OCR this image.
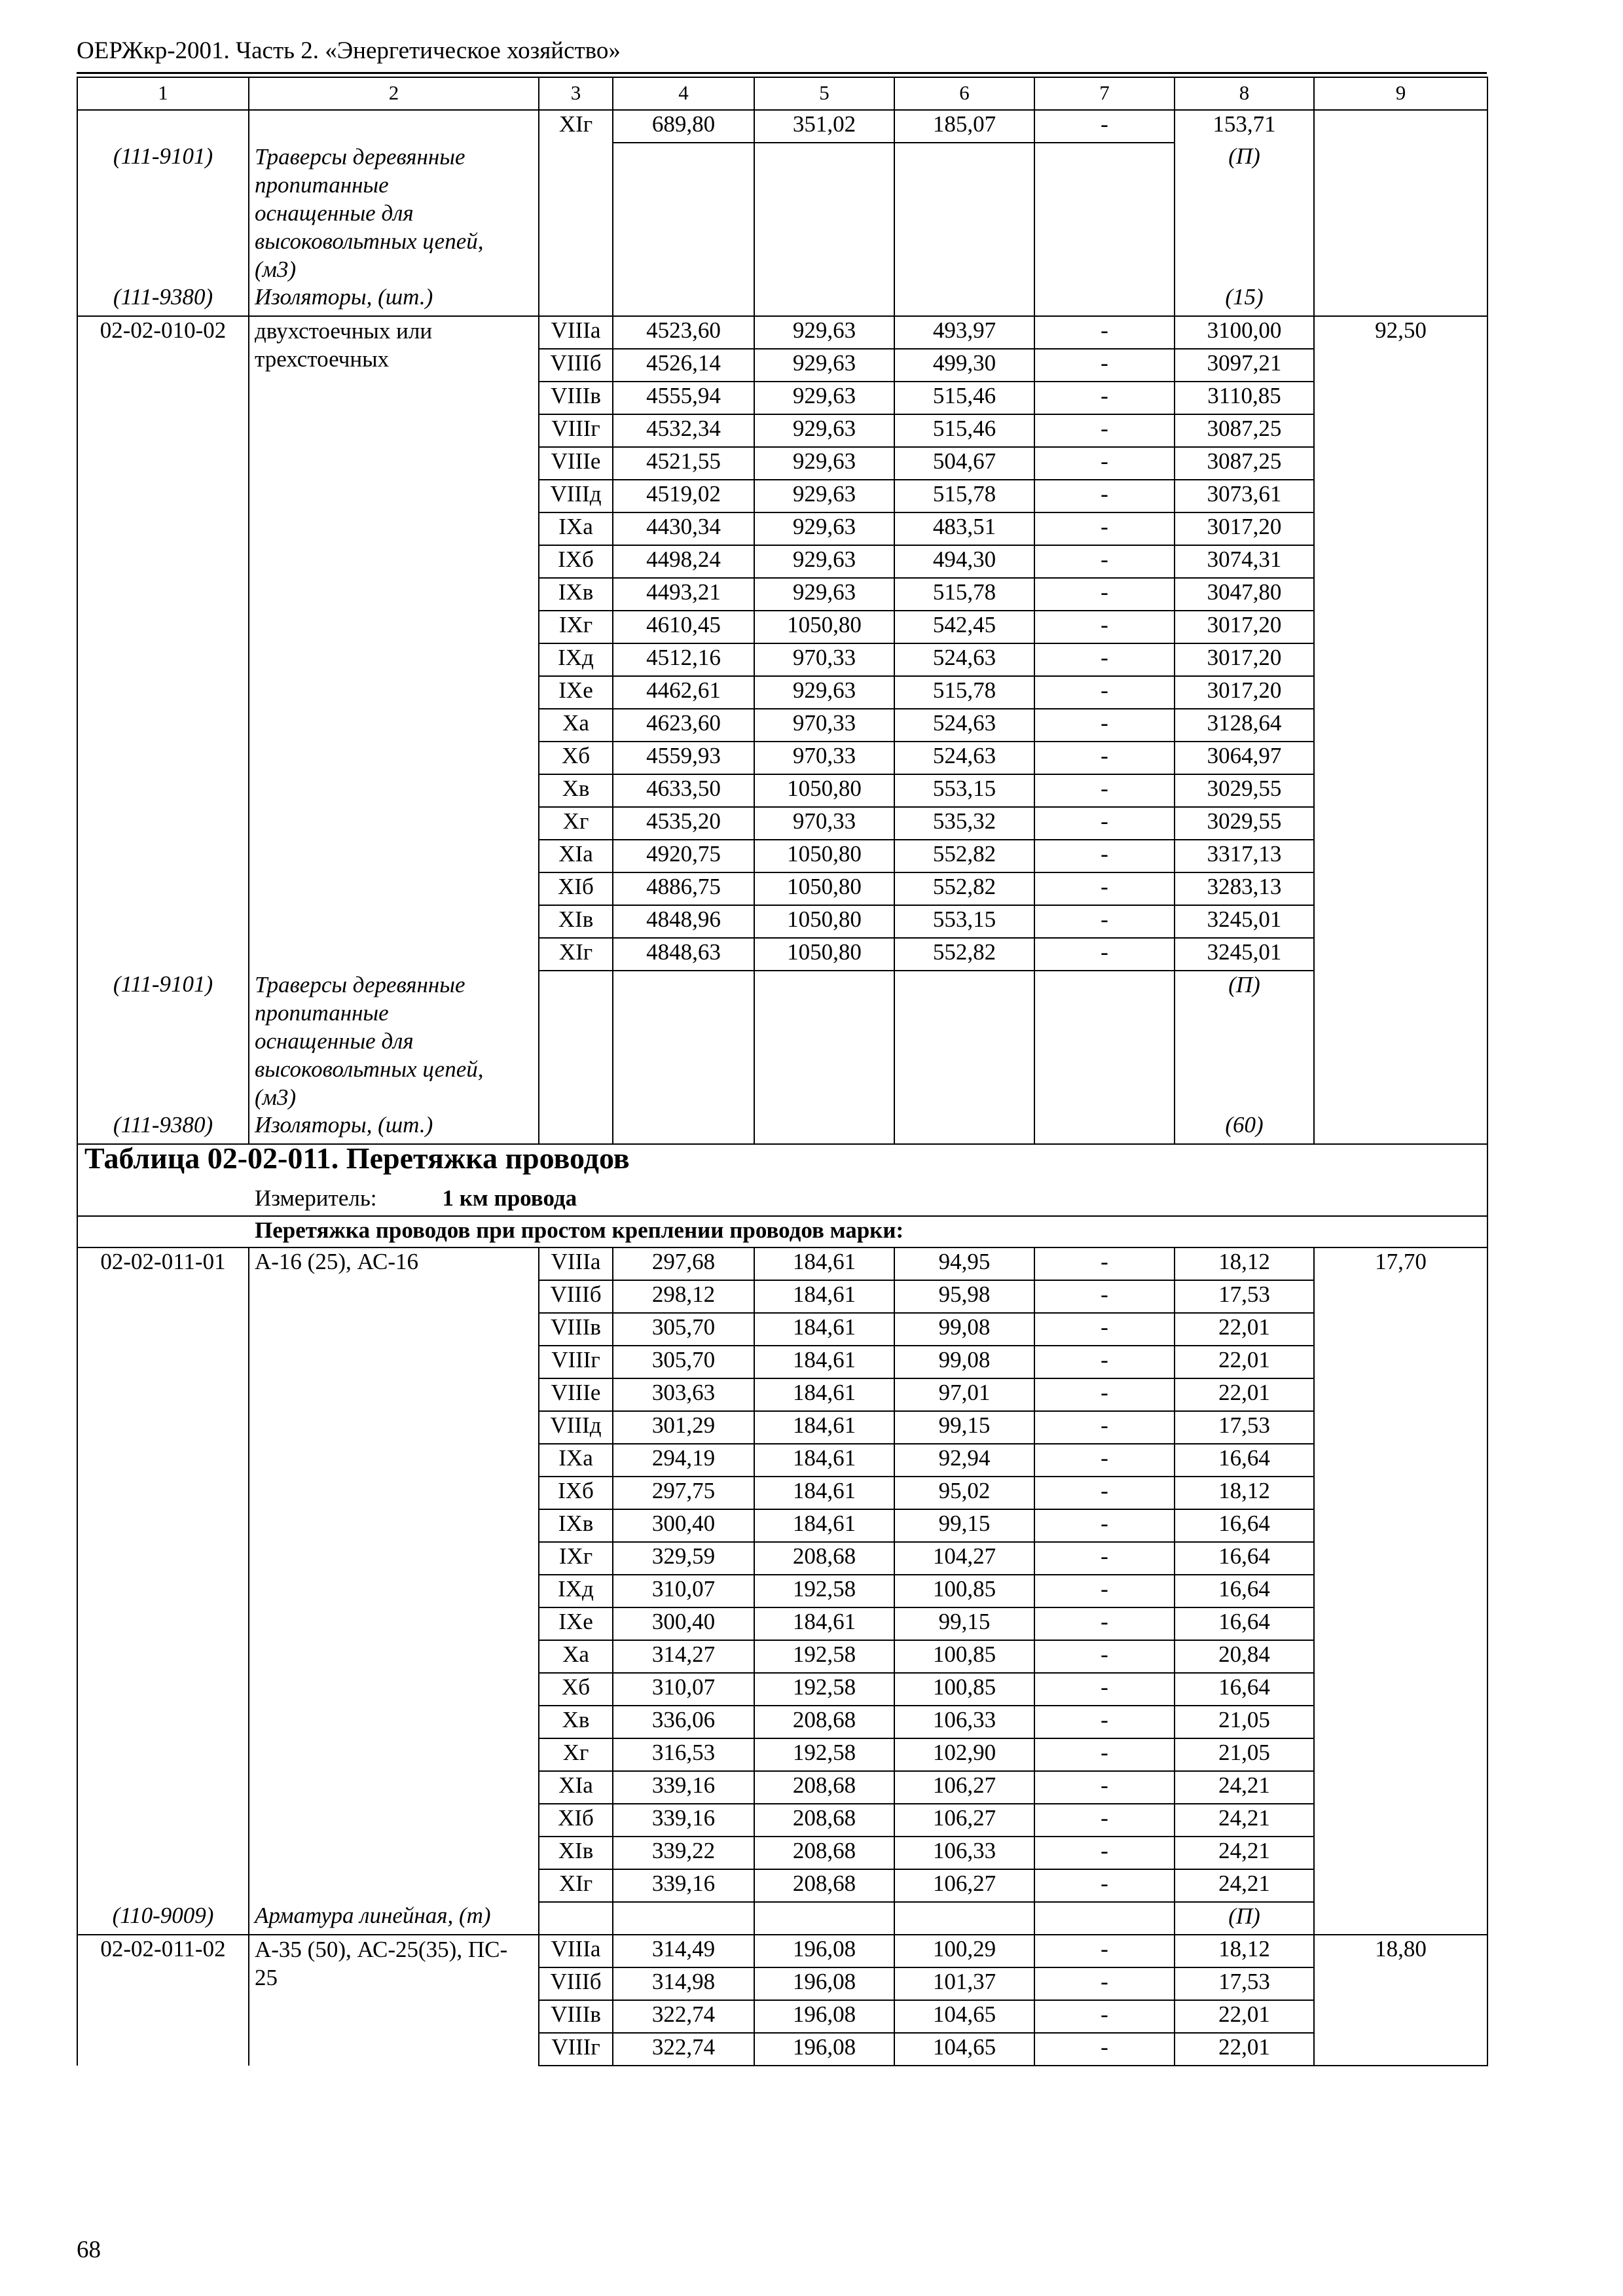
ОЕРЖкр-2001. Часть 2. «Энергетическое хозяйство»
1	2	3	4	5	6	7	8	9
		ХIг	689,80	351,02	185,07	-	153,71	
(111-9101)	Траверсы деревянные
пропитанные
оснащенные для
высоковольтных цепей,
(м3)						(П)	
(111-9380)	Изоляторы, (шт.)						(15)	
02-02-010-02	двухстоечных или
трехстоечных	VIIIа	4523,60	929,63	493,97	-	3100,00	92,50
		VIIIб	4526,14	929,63	499,30	-	3097,21	
		VIIIв	4555,94	929,63	515,46	-	3110,85	
		VIIIг	4532,34	929,63	515,46	-	3087,25	
		VIIIе	4521,55	929,63	504,67	-	3087,25	
		VIIIд	4519,02	929,63	515,78	-	3073,61	
		IХа	4430,34	929,63	483,51	-	3017,20	
		IХб	4498,24	929,63	494,30	-	3074,31	
		IХв	4493,21	929,63	515,78	-	3047,80	
		IХг	4610,45	1050,80	542,45	-	3017,20	
		IХд	4512,16	970,33	524,63	-	3017,20	
		IХе	4462,61	929,63	515,78	-	3017,20	
		Ха	4623,60	970,33	524,63	-	3128,64	
		Хб	4559,93	970,33	524,63	-	3064,97	
		Хв	4633,50	1050,80	553,15	-	3029,55	
		Хг	4535,20	970,33	535,32	-	3029,55	
		ХIа	4920,75	1050,80	552,82	-	3317,13	
		ХIб	4886,75	1050,80	552,82	-	3283,13	
		ХIв	4848,96	1050,80	553,15	-	3245,01	
		ХIг	4848,63	1050,80	552,82	-	3245,01	
(111-9101)	Траверсы деревянные
пропитанные
оснащенные для
высоковольтных цепей,
(м3)						(П)	
(111-9380)	Изоляторы, (шт.)						(60)	
Таблица 02-02-011. Перетяжка проводов								
Измеритель: 1 км провода								
Перетяжка проводов при простом креплении проводов марки:								
02-02-011-01	А-16 (25), АС-16	VIIIа	297,68	184,61	94,95	-	18,12	17,70
		VIIIб	298,12	184,61	95,98	-	17,53	
		VIIIв	305,70	184,61	99,08	-	22,01	
		VIIIг	305,70	184,61	99,08	-	22,01	
		VIIIе	303,63	184,61	97,01	-	22,01	
		VIIIд	301,29	184,61	99,15	-	17,53	
		IХа	294,19	184,61	92,94	-	16,64	
		IХб	297,75	184,61	95,02	-	18,12	
		IХв	300,40	184,61	99,15	-	16,64	
		IХг	329,59	208,68	104,27	-	16,64	
		IХд	310,07	192,58	100,85	-	16,64	
		IХе	300,40	184,61	99,15	-	16,64	
		Ха	314,27	192,58	100,85	-	20,84	
		Хб	310,07	192,58	100,85	-	16,64	
		Хв	336,06	208,68	106,33	-	21,05	
		Хг	316,53	192,58	102,90	-	21,05	
		ХIа	339,16	208,68	106,27	-	24,21	
		ХIб	339,16	208,68	106,27	-	24,21	
		ХIв	339,22	208,68	106,33	-	24,21	
		ХIг	339,16	208,68	106,27	-	24,21	
(110-9009)	Арматура линейная, (т)						(П)	
02-02-011-02	А-35 (50), АС-25(35), ПС-
25	VIIIа	314,49	196,08	100,29	-	18,12	18,80
		VIIIб	314,98	196,08	101,37	-	17,53	
		VIIIв	322,74	196,08	104,65	-	22,01	
		VIIIг	322,74	196,08	104,65	-	22,01	
68
